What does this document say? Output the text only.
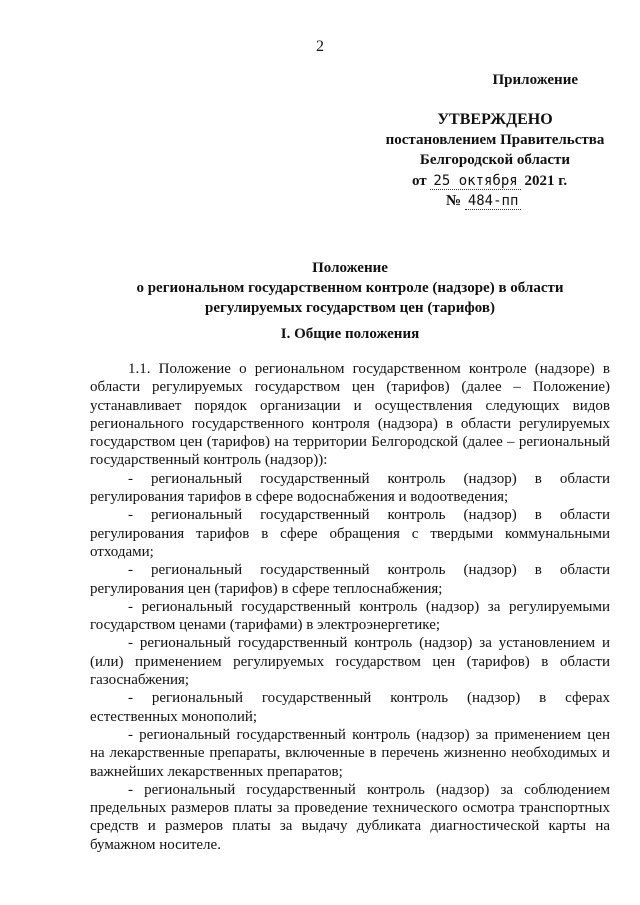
2
Приложение
УТВЕРЖДЕНО
постановлением Правительства
Белгородской области
от 25 октября 2021 г.
№ 484-пп
Положение
о региональном государственном контроле (надзоре) в области
регулируемых государством цен (тарифов)
I. Общие положения

1.1. Положение о региональном государственном контроле (надзоре) в области регулируемых государством цен (тарифов) (далее – Положение) устанавливает порядок организации и осуществления следующих видов регионального государственного контроля (надзора) в области регулируемых государством цен (тарифов) на территории Белгородской (далее – региональный государственный контроль (надзор)):

- региональный государственный контроль (надзор) в области регулирования тарифов в сфере водоснабжения и водоотведения;

- региональный государственный контроль (надзор) в области регулирования тарифов в сфере обращения с твердыми коммунальными отходами;

- региональный государственный контроль (надзор) в области регулирования цен (тарифов) в сфере теплоснабжения;

- региональный государственный контроль (надзор) за регулируемыми государством ценами (тарифами) в электроэнергетике;

- региональный государственный контроль (надзор) за установлением и (или) применением регулируемых государством цен (тарифов) в области газоснабжения;

- региональный государственный контроль (надзор) в сферах естественных монополий;

- региональный государственный контроль (надзор) за применением цен на лекарственные препараты, включенные в перечень жизненно необходимых и важнейших лекарственных препаратов;

- региональный государственный контроль (надзор) за соблюдением предельных размеров платы за проведение технического осмотра транспортных средств и размеров платы за выдачу дубликата диагностической карты на бумажном носителе.
